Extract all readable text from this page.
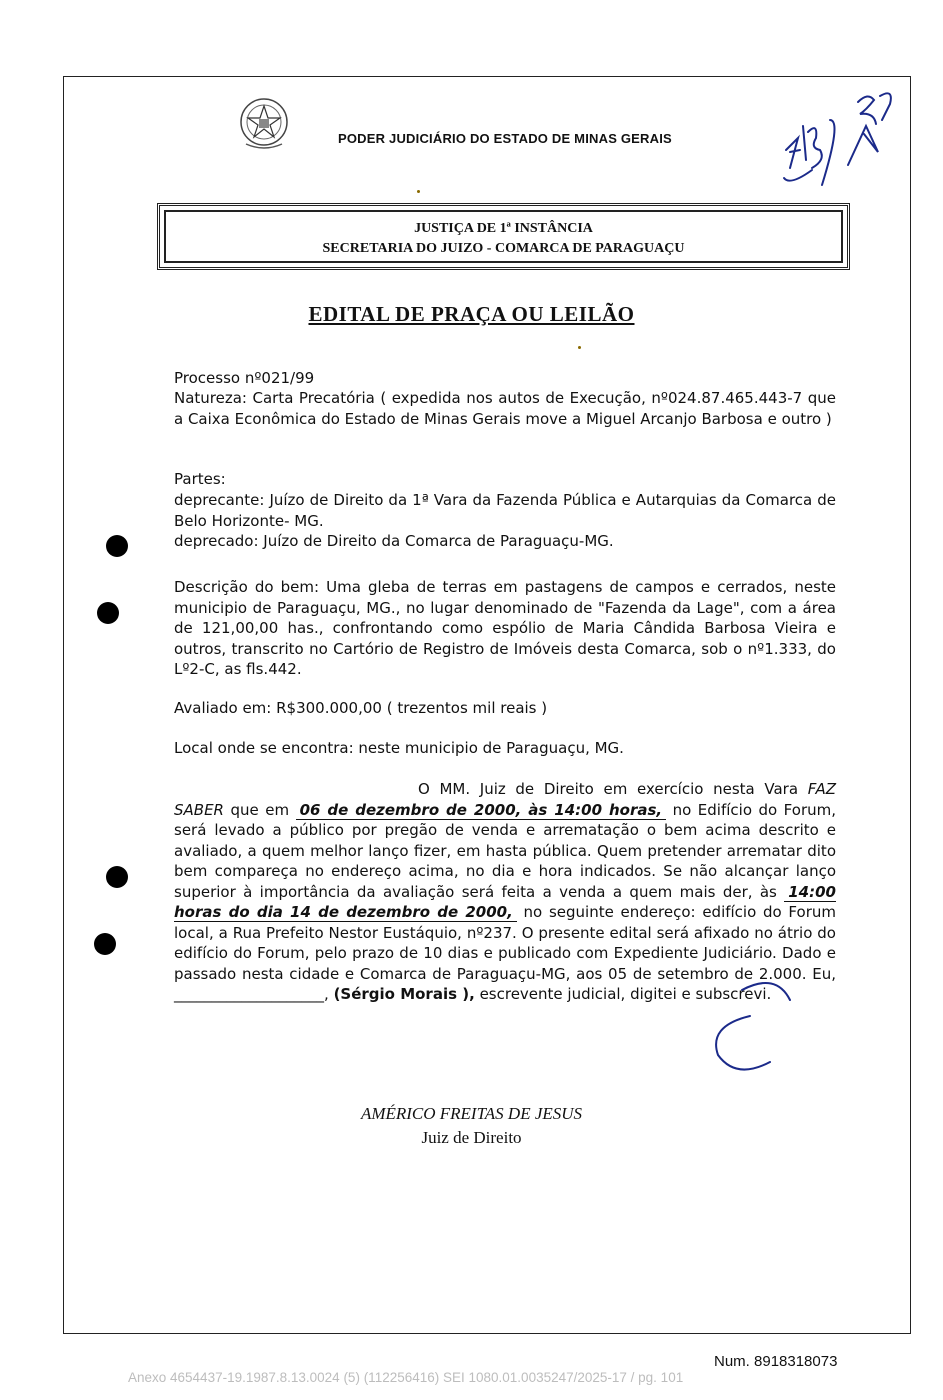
PODER JUDICIÁRIO DO ESTADO DE MINAS GERAIS
JUSTIÇA DE 1ª INSTÂNCIA
SECRETARIA DO JUIZO - COMARCA DE PARAGUAÇU
EDITAL DE PRAÇA OU LEILÃO
Processo nº021/99
Natureza: Carta Precatória ( expedida nos autos de Execução, nº024.87.465.443-7 que a Caixa Econômica do Estado de Minas Gerais move a Miguel Arcanjo Barbosa e outro )
Partes:
deprecante: Juízo de Direito da 1ª Vara da Fazenda Pública e Autarquias da Comarca de Belo Horizonte- MG.
deprecado: Juízo de Direito da Comarca de Paraguaçu-MG.
Descrição do bem: Uma gleba de terras em pastagens de campos e cerrados, neste municipio de Paraguaçu, MG., no lugar denominado de "Fazenda da Lage", com a área de 121,00,00 has., confrontando como espólio de Maria Cândida Barbosa Vieira e outros, transcrito no Cartório de Registro de Imóveis desta Comarca, sob o nº1.333, do Lº2-C, as fls.442.
Avaliado em: R$300.000,00 ( trezentos mil reais )
Local onde se encontra: neste municipio de Paraguaçu, MG.
O MM. Juiz de Direito em exercício nesta Vara FAZ SABER que em 06 de dezembro de 2000, às 14:00 horas, no Edifício do Forum, será levado a público por pregão de venda e arrematação o bem acima descrito e avaliado, a quem melhor lanço fizer, em hasta pública. Quem pretender arrematar dito bem compareça no endereço acima, no dia e hora indicados. Se não alcançar lanço superior à importância da avaliação será feita a venda a quem mais der, às 14:00 horas do dia 14 de dezembro de 2000, no seguinte endereço: edifício do Forum local, a Rua Prefeito Nestor Eustáquio, nº237. O presente edital será afixado no átrio do edifício do Forum, pelo prazo de 10 dias e publicado com Expediente Judiciário. Dado e passado nesta cidade e Comarca de Paraguaçu-MG, aos 05 de setembro de 2.000. Eu, ____________________, (Sérgio Morais ), escrevente judicial, digitei e subscrevi.
AMÉRICO FREITAS DE JESUS
Juiz de Direito
Num. 8918318073
Anexo 4654437-19.1987.8.13.0024 (5) (112256416) SEI 1080.01.0035247/2025-17 / pg. 101
